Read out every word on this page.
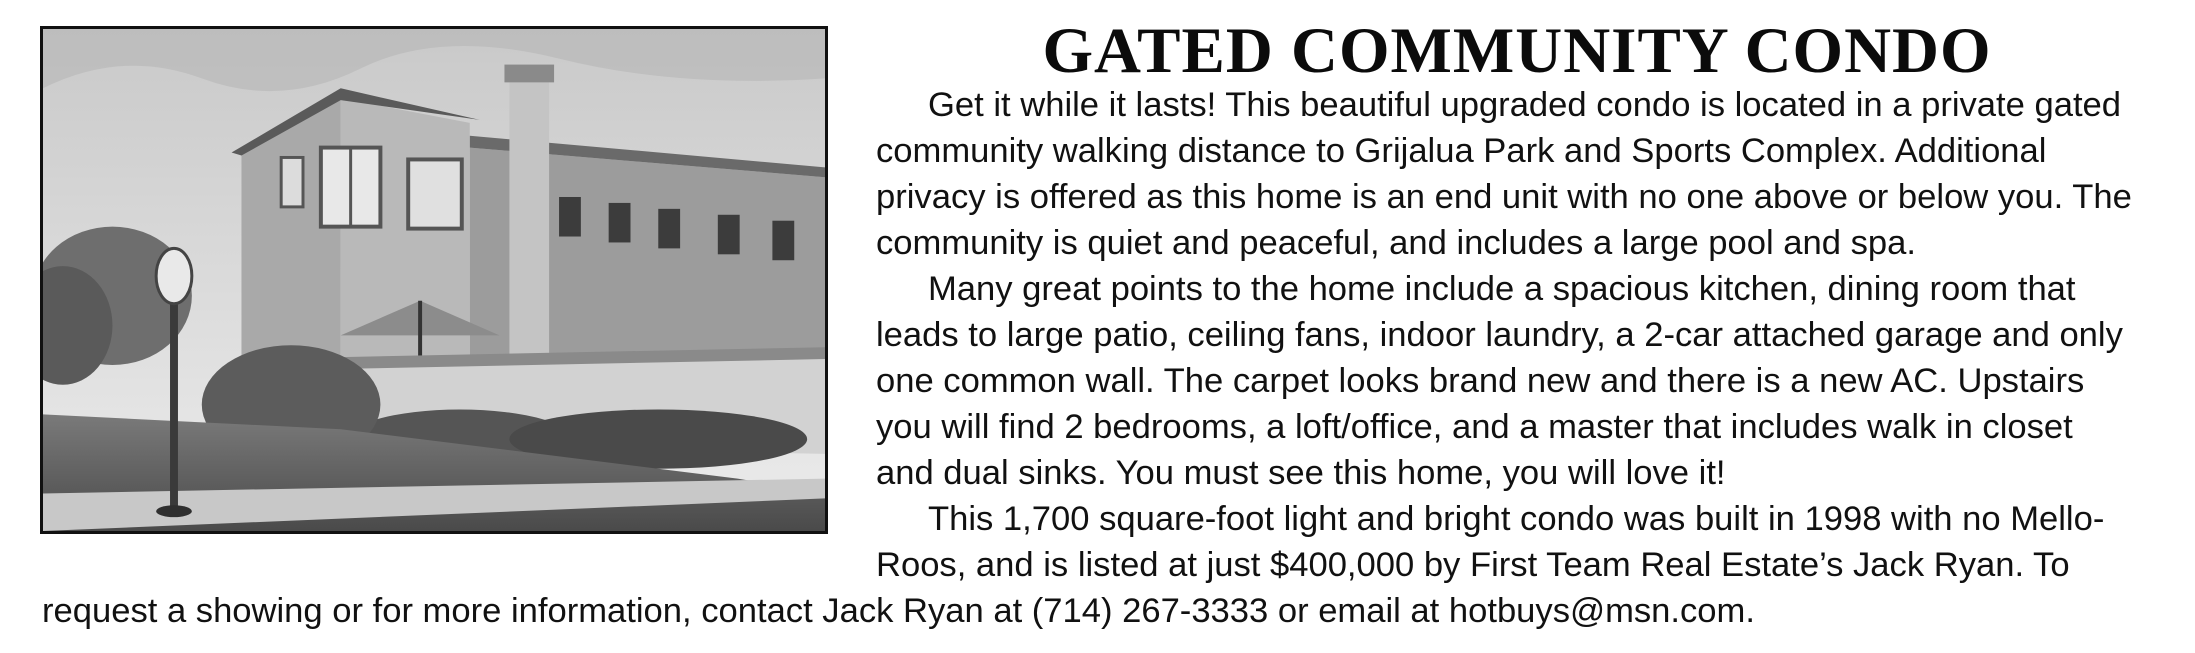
GATED COMMUNITY CONDO
Get it while it lasts! This beautiful upgraded condo is located in a private gated
community walking distance to Grijalua Park and Sports Complex. Additional
privacy is offered as this home is an end unit with no one above or below you. The
community is quiet and peaceful, and includes a large pool and spa.
Many great points to the home include a spacious kitchen, dining room that
leads to large patio, ceiling fans, indoor laundry, a 2-car attached garage and only
one common wall. The carpet looks brand new and there is a new AC. Upstairs
you will find 2 bedrooms, a loft/office, and a master that includes walk in closet
and dual sinks. You must see this home, you will love it!
This 1,700 square-foot light and bright condo was built in 1998 with no Mello-
Roos, and is listed at just $400,000 by First Team Real Estate’s Jack Ryan. To
request a showing or for more information, contact Jack Ryan at (714) 267-3333 or email at hotbuys@msn.com.
